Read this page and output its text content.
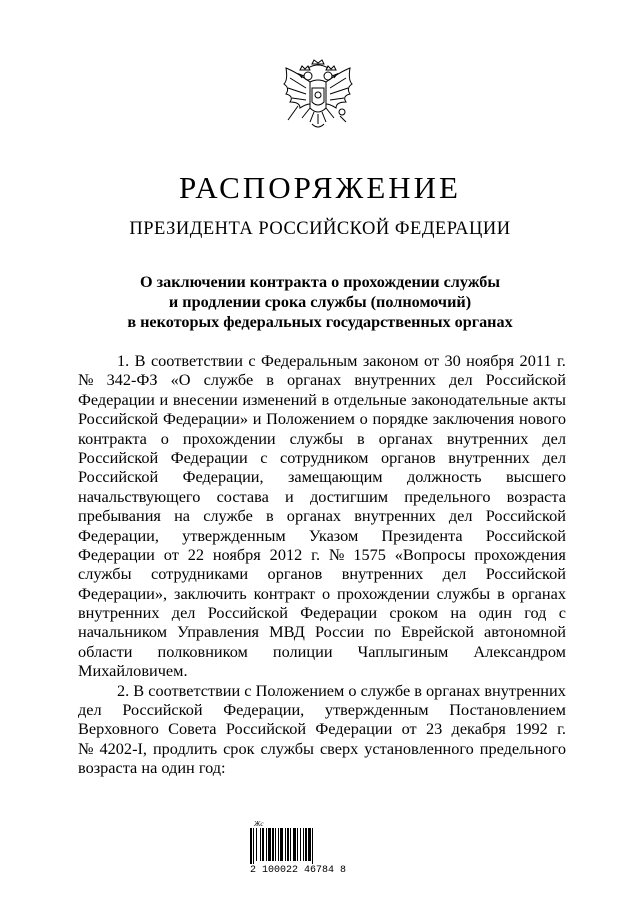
РАСПОРЯЖЕНИЕ
ПРЕЗИДЕНТА РОССИЙСКОЙ ФЕДЕРАЦИИ
О заключении контракта о прохождении службы
и продлении срока службы (полномочий)
в некоторых федеральных государственных органах
1. В соответствии с Федеральным законом от 30 ноября 2011 г.
№ 342-ФЗ «О службе в органах внутренних дел Российской
Федерации и внесении изменений в отдельные законодательные акты
Российской Федерации» и Положением о порядке заключения нового
контракта о прохождении службы в органах внутренних дел
Российской Федерации с сотрудником органов внутренних дел
Российской Федерации, замещающим должность высшего
начальствующего состава и достигшим предельного возраста
пребывания на службе в органах внутренних дел Российской
Федерации, утвержденным Указом Президента Российской
Федерации от 22 ноября 2012 г. № 1575 «Вопросы прохождения
службы сотрудниками органов внутренних дел Российской
Федерации», заключить контракт о прохождении службы в органах
внутренних дел Российской Федерации сроком на один год с
начальником Управления МВД России по Еврейской автономной
области полковником полиции Чаплыгиным Александром
Михайловичем.
2. В соответствии с Положением о службе в органах внутренних
дел Российской Федерации, утвержденным Постановлением
Верховного Совета Российской Федерации от 23 декабря 1992 г.
№ 4202-I, продлить срок службы сверх установленного предельного
возраста на один год:
Жс
2 100022 46784 8
